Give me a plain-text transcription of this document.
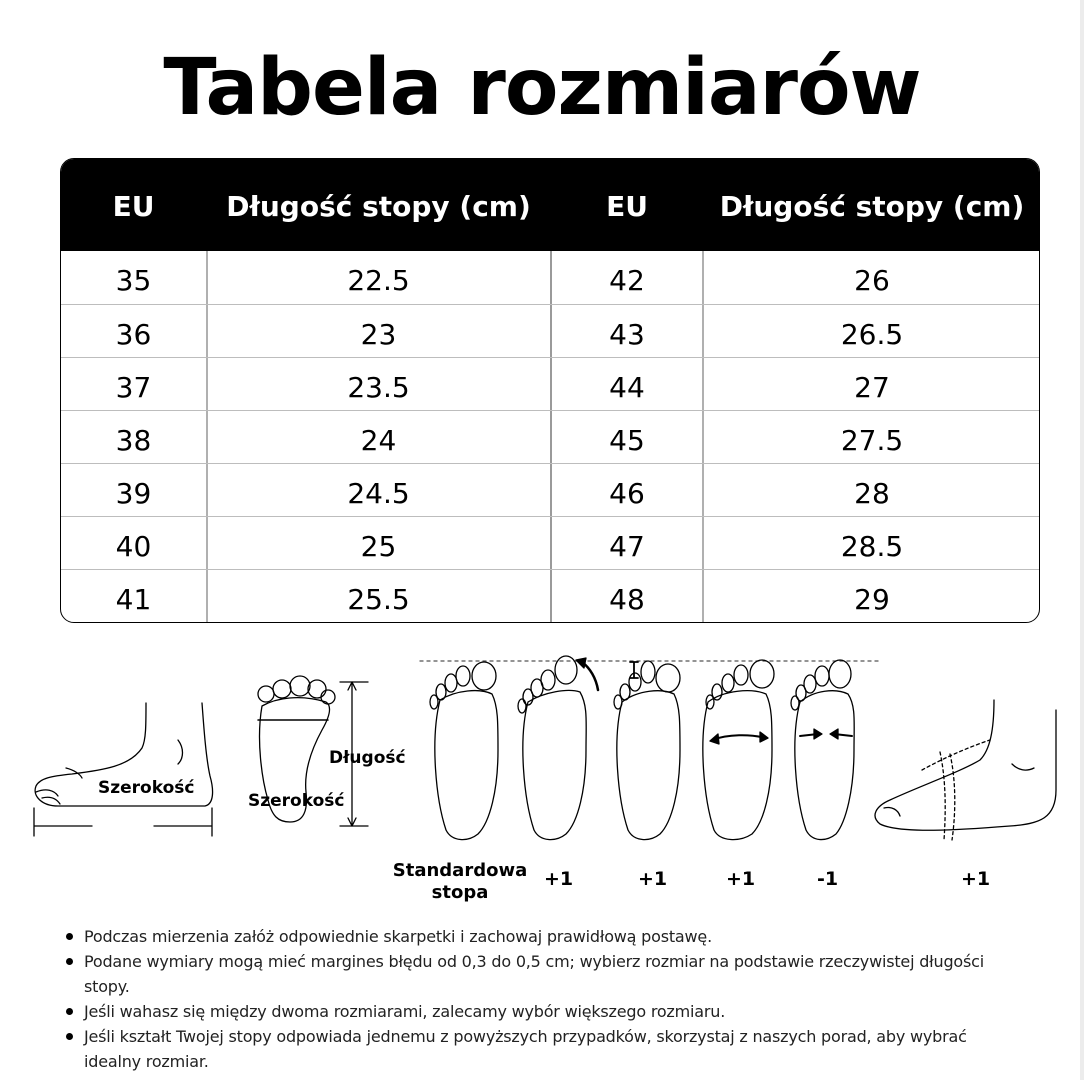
Tabela rozmiarów
EU	Długość stopy (cm)	EU	Długość stopy (cm)
35	22.5	42	26
36	23	43	26.5
37	23.5	44	27
38	24	45	27.5
39	24.5	46	28
40	25	47	28.5
41	25.5	48	29
Szerokość
Długość
Szerokość
Standardowa
stopa
+1	+1	+1	-1	+1
Podczas mierzenia załóż odpowiednie skarpetki i zachowaj prawidłową postawę.
Podane wymiary mogą mieć margines błędu od 0,3 do 0,5 cm; wybierz rozmiar na podstawie rzeczywistej długości stopy.
Jeśli wahasz się między dwoma rozmiarami, zalecamy wybór większego rozmiaru.
Jeśli kształt Twojej stopy odpowiada jednemu z powyższych przypadków, skorzystaj z naszych porad, aby wybrać idealny rozmiar.
